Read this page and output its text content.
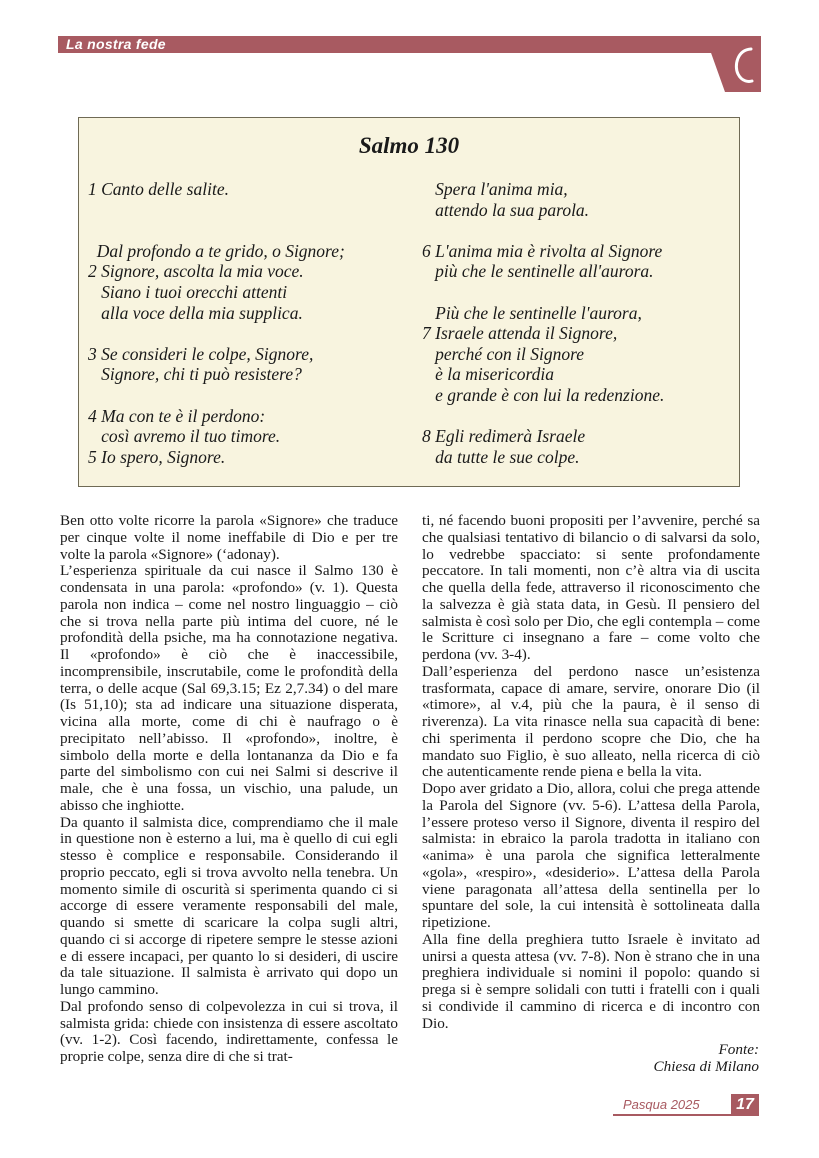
La nostra fede
Salmo 130
1 Canto delle salite.
Dal profondo a te grido, o Signore;
2 Signore, ascolta la mia voce.
Siano i tuoi orecchi attenti
alla voce della mia supplica.
3 Se consideri le colpe, Signore,
Signore, chi ti può resistere?
4 Ma con te è il perdono:
così avremo il tuo timore.
5 Io spero, Signore.
Spera l'anima mia,
attendo la sua parola.
6 L'anima mia è rivolta al Signore
più che le sentinelle all'aurora.
Più che le sentinelle l'aurora,
7 Israele attenda il Signore,
perché con il Signore
è la misericordia
e grande è con lui la redenzione.
8 Egli redimerà Israele
da tutte le sue colpe.

Ben otto volte ricorre la parola «Signore» che traduce per cinque volte il nome ineffabile di Dio e per tre volte la parola «Signore» (‘adonay).

L’esperienza spirituale da cui nasce il Salmo 130 è condensata in una parola: «profondo» (v. 1). Questa parola non indica – come nel nostro linguaggio – ciò che si trova nella parte più intima del cuore, né le profondità della psiche, ma ha connotazione negativa. Il «profondo» è ciò che è inaccessibile, incomprensibile, inscrutabile, come le profondità della terra, o delle acque (Sal 69,3.15; Ez 2,7.34) o del mare (Is 51,10); sta ad indicare una situazione disperata, vicina alla morte, come di chi è naufrago o è precipitato nell’abisso. Il «profondo», inoltre, è simbolo della morte e della lontananza da Dio e fa parte del simbolismo con cui nei Salmi si descrive il male, che è una fossa, un vischio, una palude, un abisso che inghiotte.

Da quanto il salmista dice, comprendiamo che il male in questione non è esterno a lui, ma è quello di cui egli stesso è complice e responsabile. Considerando il proprio peccato, egli si trova avvolto nella tenebra. Un momento simile di oscurità si sperimenta quando ci si accorge di essere veramente responsabili del male, quando si smette di scaricare la colpa sugli altri, quando ci si accorge di ripetere sempre le stesse azioni e di essere incapaci, per quanto lo si desideri, di uscire da tale situazione. Il salmista è arrivato qui dopo un lungo cammino.

Dal profondo senso di colpevolezza in cui si trova, il salmista grida: chiede con insistenza di essere ascoltato (vv. 1-2). Così facendo, indirettamente, confessa le proprie colpe, senza dire di che si trat-

ti, né facendo buoni propositi per l’avvenire, perché sa che qualsiasi tentativo di bilancio o di salvarsi da solo, lo vedrebbe spacciato: si sente profondamente peccatore. In tali momenti, non c’è altra via di uscita che quella della fede, attraverso il riconoscimento che la salvezza è già stata data, in Gesù. Il pensiero del salmista è così solo per Dio, che egli contempla – come le Scritture ci insegnano a fare – come volto che perdona (vv. 3-4).

Dall’esperienza del perdono nasce un’esistenza trasformata, capace di amare, servire, onorare Dio (il «timore», al v.4, più che la paura, è il senso di riverenza). La vita rinasce nella sua capacità di bene: chi sperimenta il perdono scopre che Dio, che ha mandato suo Figlio, è suo alleato, nella ricerca di ciò che autenticamente rende piena e bella la vita.

Dopo aver gridato a Dio, allora, colui che prega attende la Parola del Signore (vv. 5-6). L’attesa della Parola, l’essere proteso verso il Signore, diventa il respiro del salmista: in ebraico la parola tradotta in italiano con «anima» è una parola che significa letteralmente «gola», «respiro», «desiderio». L’attesa della Parola viene paragonata all’attesa della sentinella per lo spuntare del sole, la cui intensità è sottolineata dalla ripetizione.

Alla fine della preghiera tutto Israele è invitato ad unirsi a questa attesa (vv. 7-8). Non è strano che in una preghiera individuale si nomini il popolo: quando si prega si è sempre solidali con tutti i fratelli con i quali si condivide il cammino di ricerca e di incontro con Dio.

Fonte:
Chiesa di Milano
Pasqua 2025	17
